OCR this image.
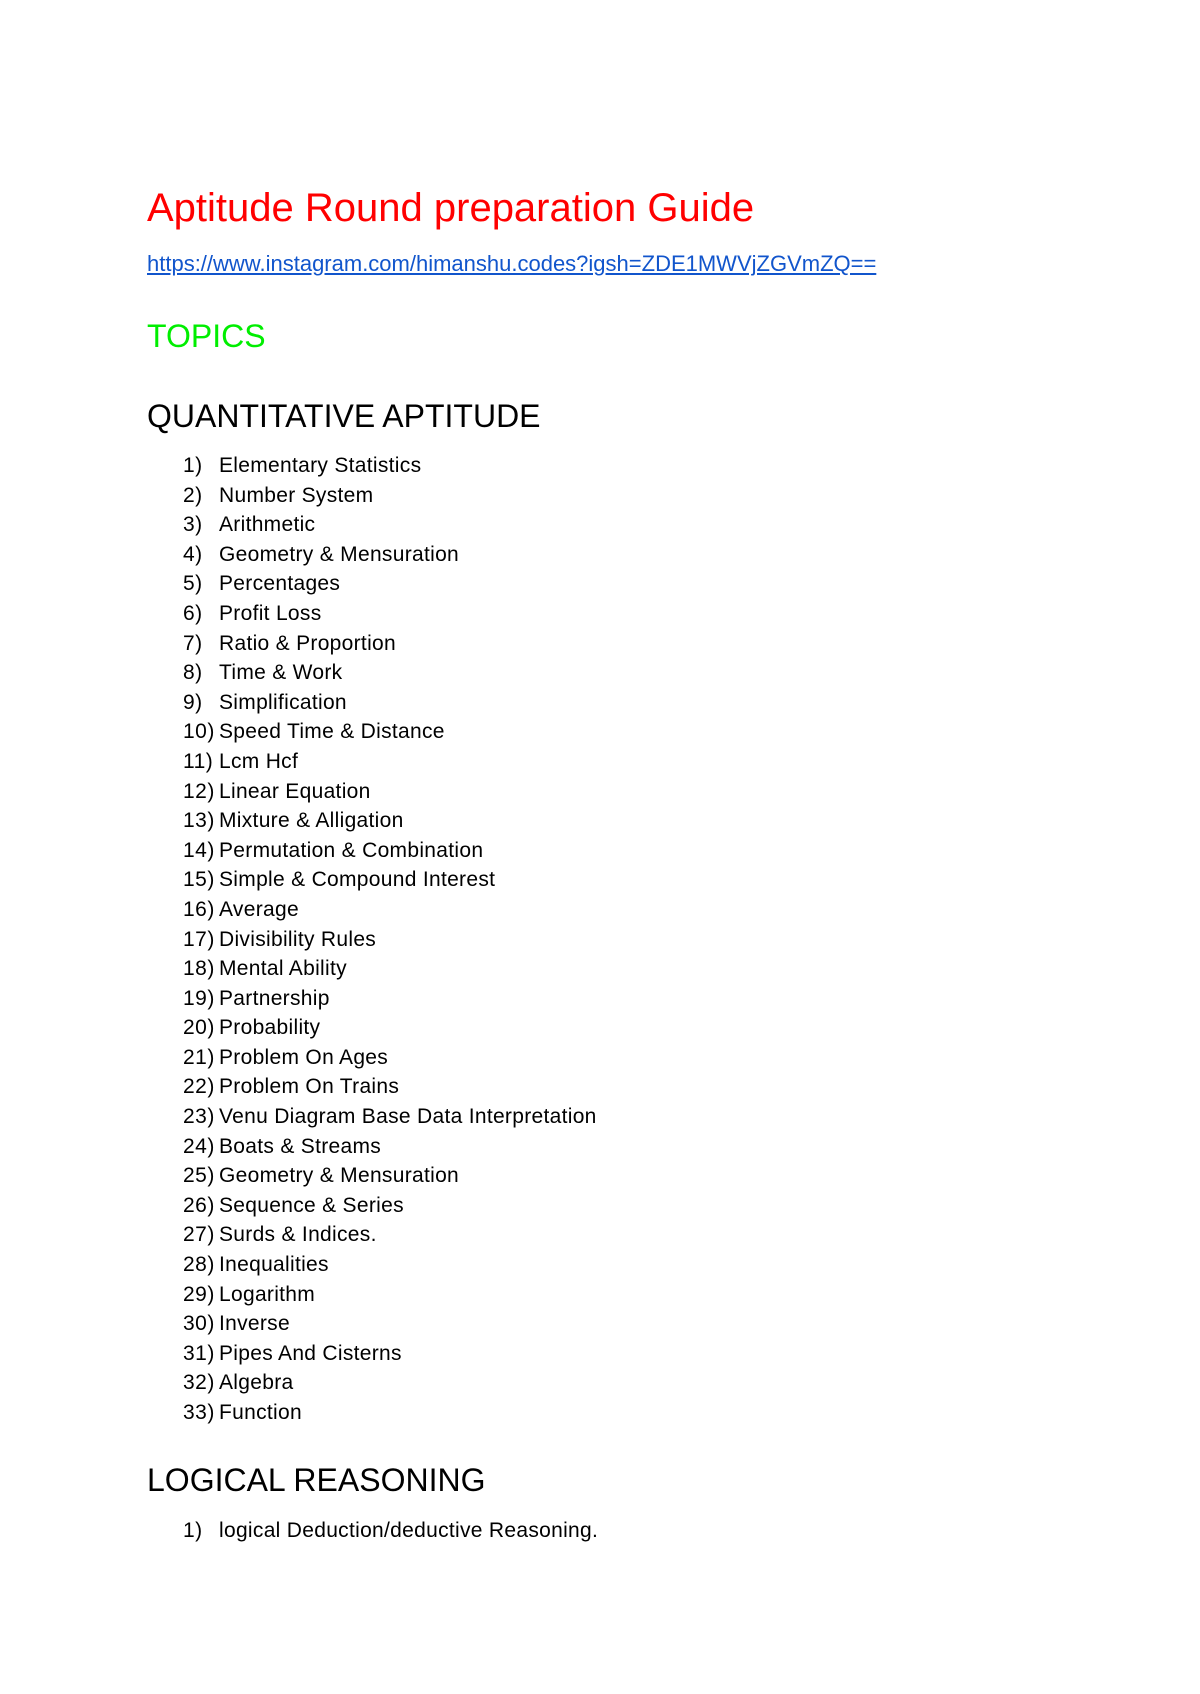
Aptitude Round preparation Guide
https://www.instagram.com/himanshu.codes?igsh=ZDE1MWVjZGVmZQ==
TOPICS
QUANTITATIVE APTITUDE
1) Elementary Statistics
2) Number System
3) Arithmetic
4) Geometry & Mensuration
5) Percentages
6) Profit Loss
7) Ratio & Proportion
8) Time & Work
9) Simplification
10) Speed Time & Distance
11) Lcm Hcf
12) Linear Equation
13) Mixture & Alligation
14) Permutation & Combination
15) Simple & Compound Interest
16) Average
17) Divisibility Rules
18) Mental Ability
19) Partnership
20) Probability
21) Problem On Ages
22) Problem On Trains
23) Venu Diagram Base Data Interpretation
24) Boats & Streams
25) Geometry & Mensuration
26) Sequence & Series
27) Surds & Indices.
28) Inequalities
29) Logarithm
30) Inverse
31) Pipes And Cisterns
32) Algebra
33) Function
LOGICAL REASONING
1) logical Deduction/deductive Reasoning.
